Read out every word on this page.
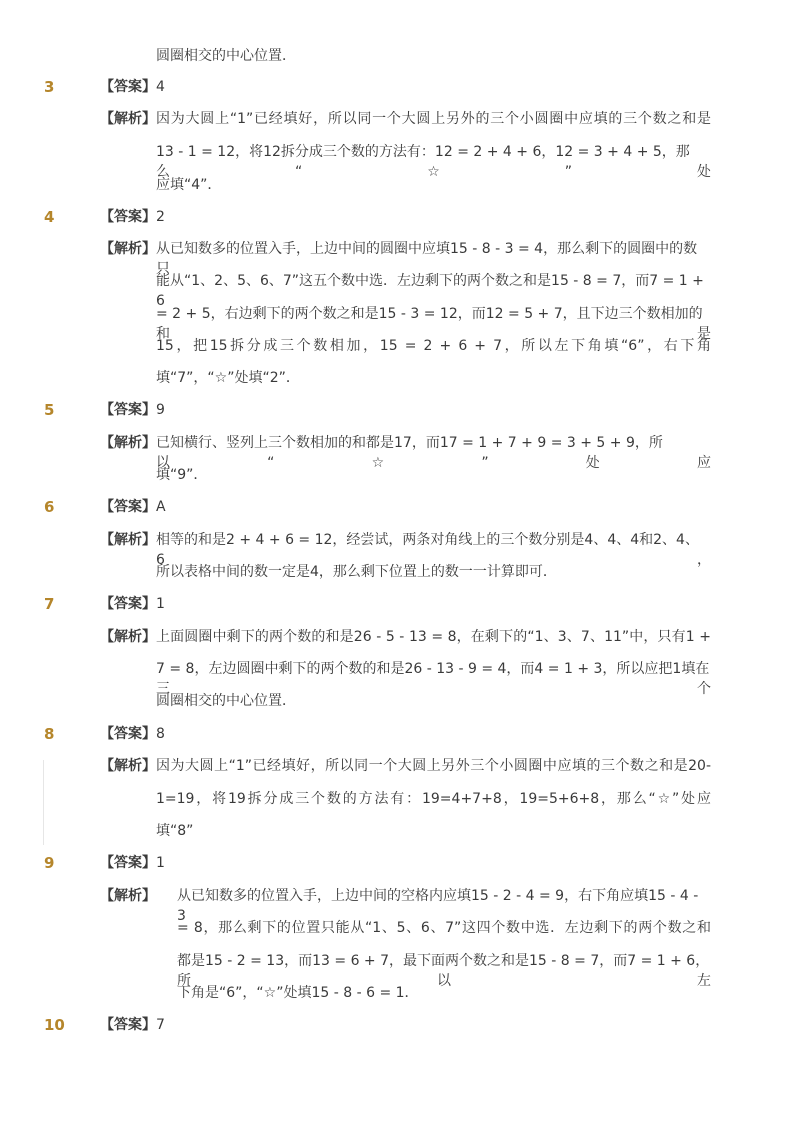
圆圈相交的中心位置．
3	【答案】 4
【解析】 因为大圆上“1”已经填好，所以同一个大圆上另外的三个小圆圈中应填的三个数之和是
13 - 1 = 12，将12拆分成三个数的方法有：12 = 2 + 4 + 6，12 = 3 + 4 + 5，那么“☆”处
应填“4”．
4	【答案】 2
【解析】 从已知数多的位置入手，上边中间的圆圈中应填15 - 8 - 3 = 4，那么剩下的圆圈中的数只
能从“1、2、5、6、7”这五个数中选．左边剩下的两个数之和是15 - 8 = 7，而7 = 1 + 6
= 2 + 5，右边剩下的两个数之和是15 - 3 = 12，而12 = 5 + 7，且下边三个数相加的和是
15，把15拆分成三个数相加，15 = 2 + 6 + 7，所以左下角填“6”，右下角
填“7”，“☆”处填“2”．
5	【答案】 9
【解析】 已知横行、竖列上三个数相加的和都是17，而17 = 1 + 7 + 9 = 3 + 5 + 9，所以“☆”处应
填“9”．
6	【答案】 A
【解析】 相等的和是2 + 4 + 6 = 12，经尝试，两条对角线上的三个数分别是4、4、4和2、4、6，
所以表格中间的数一定是4，那么剩下位置上的数一一计算即可．
7	【答案】 1
【解析】 上面圆圈中剩下的两个数的和是26 - 5 - 13 = 8，在剩下的“1、3、7、11”中，只有1 +
7 = 8，左边圆圈中剩下的两个数的和是26 - 13 - 9 = 4，而4 = 1 + 3，所以应把1填在三个
圆圈相交的中心位置．
8	【答案】 8
【解析】 因为大圆上“1”已经填好，所以同一个大圆上另外三个小圆圈中应填的三个数之和是20-
1=19，将19拆分成三个数的方法有：19=4+7+8，19=5+6+8，那么“☆”处应
填“8”
9	【答案】 1
【解析】 从已知数多的位置入手，上边中间的空格内应填15 - 2 - 4 = 9，右下角应填15 - 4 - 3
= 8，那么剩下的位置只能从“1、5、6、7”这四个数中选．左边剩下的两个数之和
都是15 - 2 = 13，而13 = 6 + 7，最下面两个数之和是15 - 8 = 7，而7 = 1 + 6，所以左
下角是“6”，“☆”处填15 - 8 - 6 = 1．
10	【答案】 7
